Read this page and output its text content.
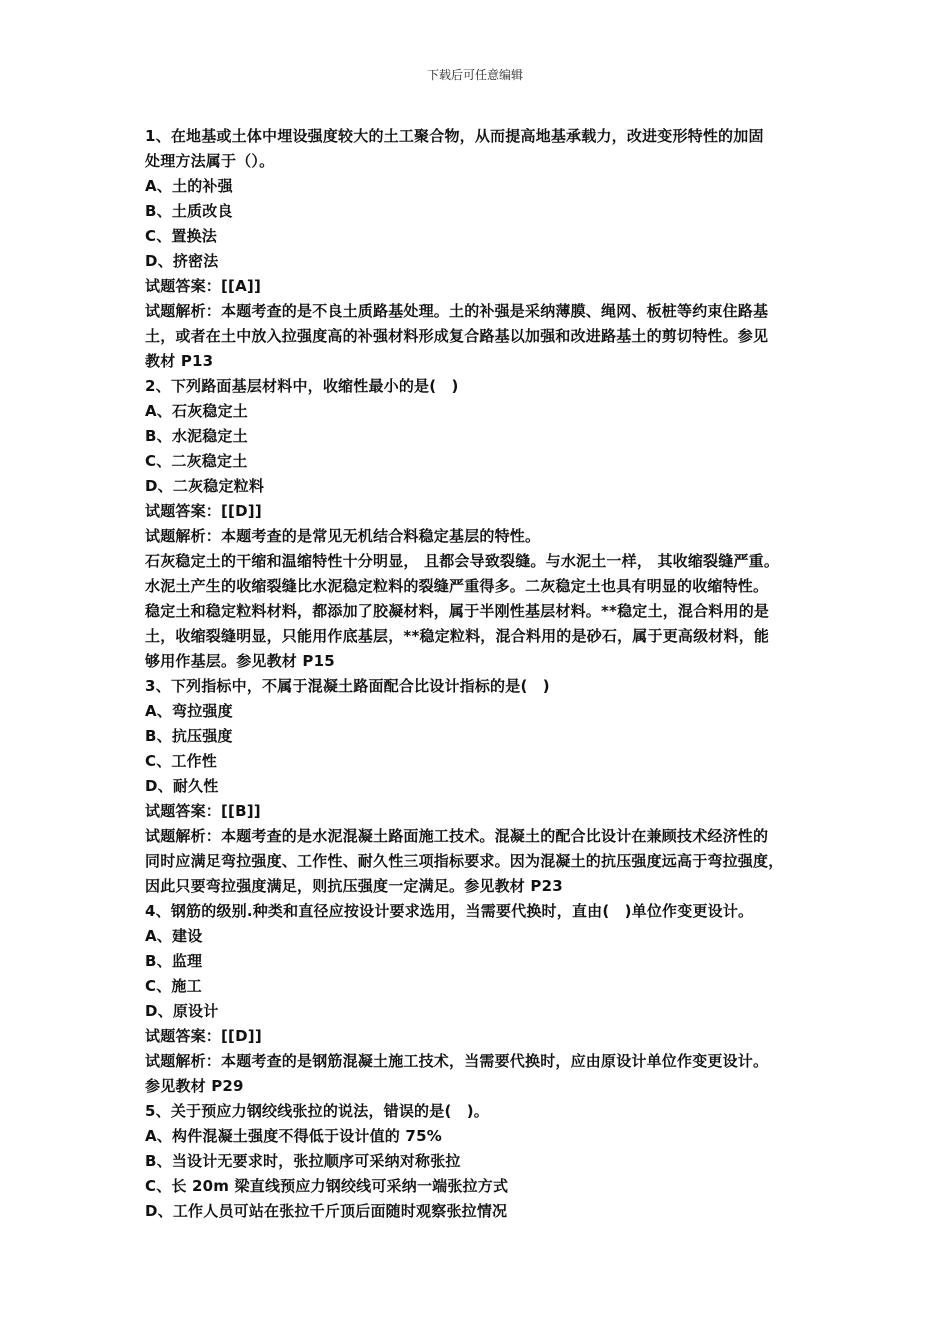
下载后可任意编辑
1、在地基或土体中埋设强度较大的土工聚合物，从而提高地基承载力，改进变形特性的加固
处理方法属于（）。
A、土的补强
B、土质改良
C、置换法
D、挤密法
试题答案：[[A]]
试题解析：本题考查的是不良土质路基处理。土的补强是采纳薄膜、绳网、板桩等约束住路基
土，或者在土中放入拉强度高的补强材料形成复合路基以加强和改进路基土的剪切特性。参见
教材 P13
2、下列路面基层材料中，收缩性最小的是(　)
A、石灰稳定土
B、水泥稳定土
C、二灰稳定土
D、二灰稳定粒料
试题答案：[[D]]
试题解析：本题考查的是常见无机结合料稳定基层的特性。
石灰稳定土的干缩和温缩特性十分明显， 且都会导致裂缝。与水泥土一样， 其收缩裂缝严重。
水泥土产生的收缩裂缝比水泥稳定粒料的裂缝严重得多。二灰稳定土也具有明显的收缩特性。
稳定土和稳定粒料材料，都添加了胶凝材料，属于半刚性基层材料。**稳定土，混合料用的是
土，收缩裂缝明显，只能用作底基层，**稳定粒料，混合料用的是砂石，属于更高级材料，能
够用作基层。参见教材 P15
3、下列指标中，不属于混凝土路面配合比设计指标的是(　)
A、弯拉强度
B、抗压强度
C、工作性
D、耐久性
试题答案：[[B]]
试题解析：本题考查的是水泥混凝土路面施工技术。混凝土的配合比设计在兼顾技术经济性的
同时应满足弯拉强度、工作性、耐久性三项指标要求。因为混凝土的抗压强度远高于弯拉强度，
因此只要弯拉强度满足，则抗压强度一定满足。参见教材 P23
4、钢筋的级别.种类和直径应按设计要求选用，当需要代换时，直由(　)单位作变更设计。
A、建设
B、监理
C、施工
D、原设计
试题答案：[[D]]
试题解析：本题考查的是钢筋混凝土施工技术，当需要代换时，应由原设计单位作变更设计。
参见教材 P29
5、关于预应力钢绞线张拉的说法，错误的是(　)。
A、构件混凝土强度不得低于设计值的 75%
B、当设计无要求时，张拉顺序可采纳对称张拉
C、长 20m 梁直线预应力钢绞线可采纳一端张拉方式
D、工作人员可站在张拉千斤顶后面随时观察张拉情况
